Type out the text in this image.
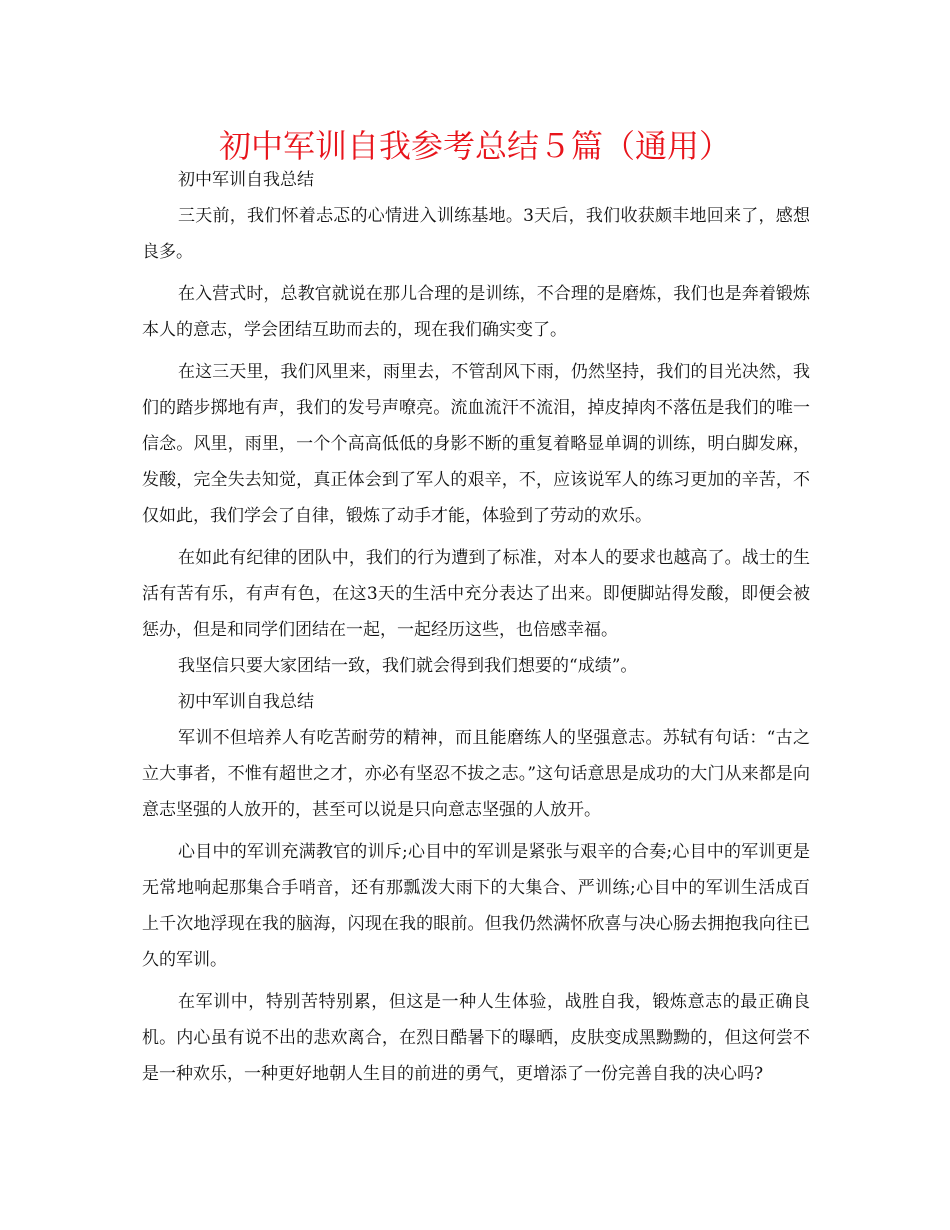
初中军训自我参考总结５篇（通用）

初中军训自我总结

三天前，我们怀着忐忑的心情进入训练基地。3天后，我们收获颇丰地回来了，感想良多。

在入营式时，总教官就说在那儿合理的是训练，不合理的是磨炼，我们也是奔着锻炼本人的意志，学会团结互助而去的，现在我们确实变了。

在这三天里，我们风里来，雨里去，不管刮风下雨，仍然坚持，我们的目光决然，我们的踏步掷地有声，我们的发号声嘹亮。流血流汗不流泪，掉皮掉肉不落伍是我们的唯一信念。风里，雨里，一个个高高低低的身影不断的重复着略显单调的训练，明白脚发麻，发酸，完全失去知觉，真正体会到了军人的艰辛，不，应该说军人的练习更加的辛苦，不仅如此，我们学会了自律，锻炼了动手才能，体验到了劳动的欢乐。

在如此有纪律的团队中，我们的行为遭到了标准，对本人的要求也越高了。战士的生活有苦有乐，有声有色，在这3天的生活中充分表达了出来。即便脚站得发酸，即便会被惩办，但是和同学们团结在一起，一起经历这些，也倍感幸福。

我坚信只要大家团结一致，我们就会得到我们想要的“成绩”。

初中军训自我总结

军训不但培养人有吃苦耐劳的精神，而且能磨练人的坚强意志。苏轼有句话：“古之立大事者，不惟有超世之才，亦必有坚忍不拔之志。”这句话意思是成功的大门从来都是向意志坚强的人放开的，甚至可以说是只向意志坚强的人放开。

心目中的军训充满教官的训斥;心目中的军训是紧张与艰辛的合奏;心目中的军训更是无常地响起那集合手哨音，还有那瓢泼大雨下的大集合、严训练;心目中的军训生活成百上千次地浮现在我的脑海，闪现在我的眼前。但我仍然满怀欣喜与决心肠去拥抱我向往已久的军训。

在军训中，特别苦特别累，但这是一种人生体验，战胜自我，锻炼意志的最正确良机。内心虽有说不出的悲欢离合，在烈日酷暑下的曝晒，皮肤变成黑黝黝的，但这何尝不是一种欢乐，一种更好地朝人生目的前进的勇气，更增添了一份完善自我的决心吗?
